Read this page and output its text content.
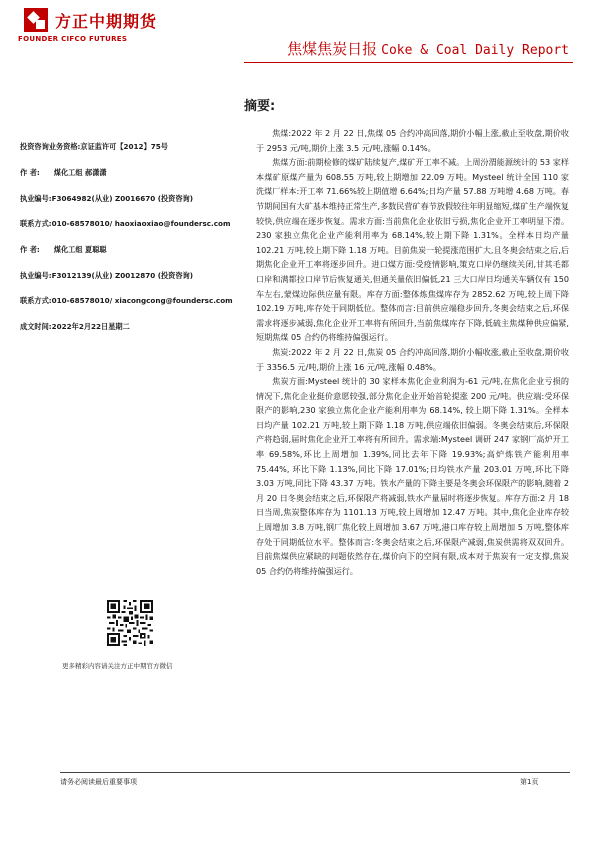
方正中期期货
FOUNDER CIFCO FUTURES
焦煤焦炭日报 Coke & Coal Daily Report
摘要:
投资咨询业务资格:京证监许可【2012】75号
作 者: 煤化工组 郝潇潇
执业编号:F3064982(从业) Z0016670 (投资咨询)
联系方式:010-68578010/ haoxiaoxiao@foundersc.com
作 者: 煤化工组 夏聪聪
执业编号:F3012139(从业) Z0012870 (投资咨询)
联系方式:010-68578010/ xiacongcong@foundersc.com
成文时间:2022年2月22日星期二
更多精彩内容请关注方正中期官方微信

焦煤:2022 年 2 月 22 日,焦煤 05 合约冲高回落,期价小幅上涨,截止至收盘,期价收于 2953 元/吨,期价上涨 3.5 元/吨,涨幅 0.14%。

焦煤方面:前期检修的煤矿陆续复产,煤矿开工率不减。上周汾渭能源统计的 53 家样本煤矿原煤产量为 608.55 万吨,较上期增加 22.09 万吨。Mysteel 统计全国 110 家洗煤厂样本:开工率 71.66%较上期值增 6.64%;日均产量 57.88 万吨增 4.68 万吨。春节期间国有大矿基本维持正常生产,多数民营矿春节放假较往年明显缩短,煤矿生产端恢复较快,供应端在逐步恢复。需求方面:当前焦化企业依旧亏损,焦化企业开工率明显下滑。230 家独立焦化企业产能利用率为 68.14%,较上期下降 1.31%。全样本日均产量 102.21 万吨,较上期下降 1.18 万吨。目前焦炭一轮提涨范围扩大,且冬奥会结束之后,后期焦化企业开工率将逐步回升。进口煤方面:受疫情影响,策克口岸仍继续关闭,甘其毛都口岸和满都拉口岸节后恢复通关,但通关量依旧偏低,21 三大口岸日均通关车辆仅有 150 车左右,蒙煤边际供应量有限。库存方面:整体炼焦煤库存为 2852.62 万吨,较上周下降 102.19 万吨,库存处于同期低位。整体而言:目前供应端稳步回升,冬奥会结束之后,环保需求将逐步减弱,焦化企业开工率将有所回升,当前焦煤库存下降,低硫主焦煤种供应偏紧,短期焦煤 05 合约仍将维持偏强运行。

焦炭:2022 年 2 月 22 日,焦炭 05 合约冲高回落,期价小幅收涨,截止至收盘,期价收于 3356.5 元/吨,期价上涨 16 元/吨,涨幅 0.48%。

焦炭方面:Mysteel 统计的 30 家样本焦化企业利润为-61 元/吨,在焦化企业亏损的情况下,焦化企业挺价意愿较强,部分焦化企业开始首轮提涨 200 元/吨。供应端:受环保限产的影响,230 家独立焦化企业产能利用率为 68.14%, 较上期下降 1.31%。全样本日均产量 102.21 万吨,较上期下降 1.18 万吨,供应端依旧偏弱。冬奥会结束后,环保限产将趋弱,届时焦化企业开工率将有所回升。需求端:Mysteel 调研 247 家钢厂高炉开工率 69.58%,环比上周增加 1.39%,同比去年下降 19.93%;高炉炼铁产能利用率 75.44%, 环比下降 1.13%,同比下降 17.01%;日均铁水产量 203.01 万吨,环比下降 3.03 万吨,同比下降 43.37 万吨。铁水产量的下降主要是冬奥会环保限产的影响,随着 2 月 20 日冬奥会结束之后,环保限产将减弱,铁水产量届时将逐步恢复。库存方面:2 月 18 日当周,焦炭整体库存为 1101.13 万吨,较上周增加 12.47 万吨。其中,焦化企业库存较上周增加 3.8 万吨,钢厂焦化较上周增加 3.67 万吨,港口库存较上周增加 5 万吨,整体库存处于同期低位水平。整体而言:冬奥会结束之后,环保限产减弱,焦炭供需将双双回升。目前焦煤供应紧缺的问题依然存在,煤价向下的空间有限,成本对于焦炭有一定支撑,焦炭 05 合约仍将维持偏强运行。

请务必阅读最后重要事项	第1页
